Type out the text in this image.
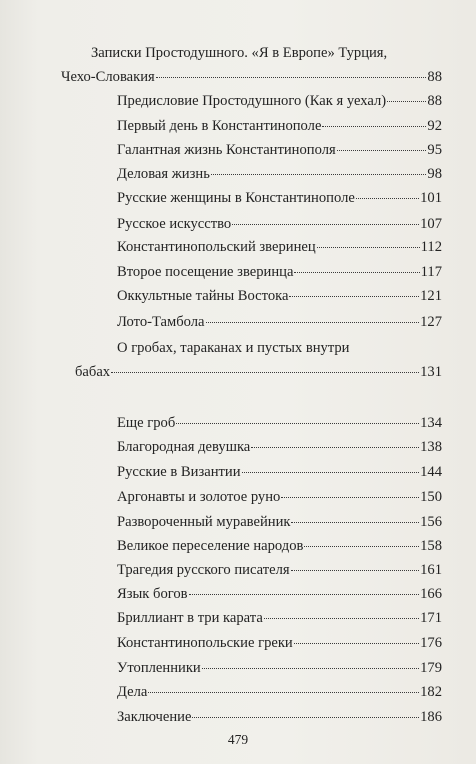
Записки Простодушного. «Я в Европе» Турция,
Чехо-Словакия	88
Предисловие Простодушного (Как я уехал)	88
Первый день в Константинополе	92
Галантная жизнь Константинополя	95
Деловая жизнь	98
Русские женщины в Константинополе	101
Русское искусство	107
Константинопольский зверинец	112
Второе посещение зверинца	117
Оккультные тайны Востока	121
Лото-Тамбола	127
О гробах, тараканах и пустых внутри
бабах	131
Еще гроб	134
Благородная девушка	138
Русские в Византии	144
Аргонавты и золотое руно	150
Развороченный муравейник	156
Великое переселение народов	158
Трагедия русского писателя	161
Язык богов	166
Бриллиант в три карата	171
Константинопольские греки	176
Утопленники	179
Дела	182
Заключение	186
479
